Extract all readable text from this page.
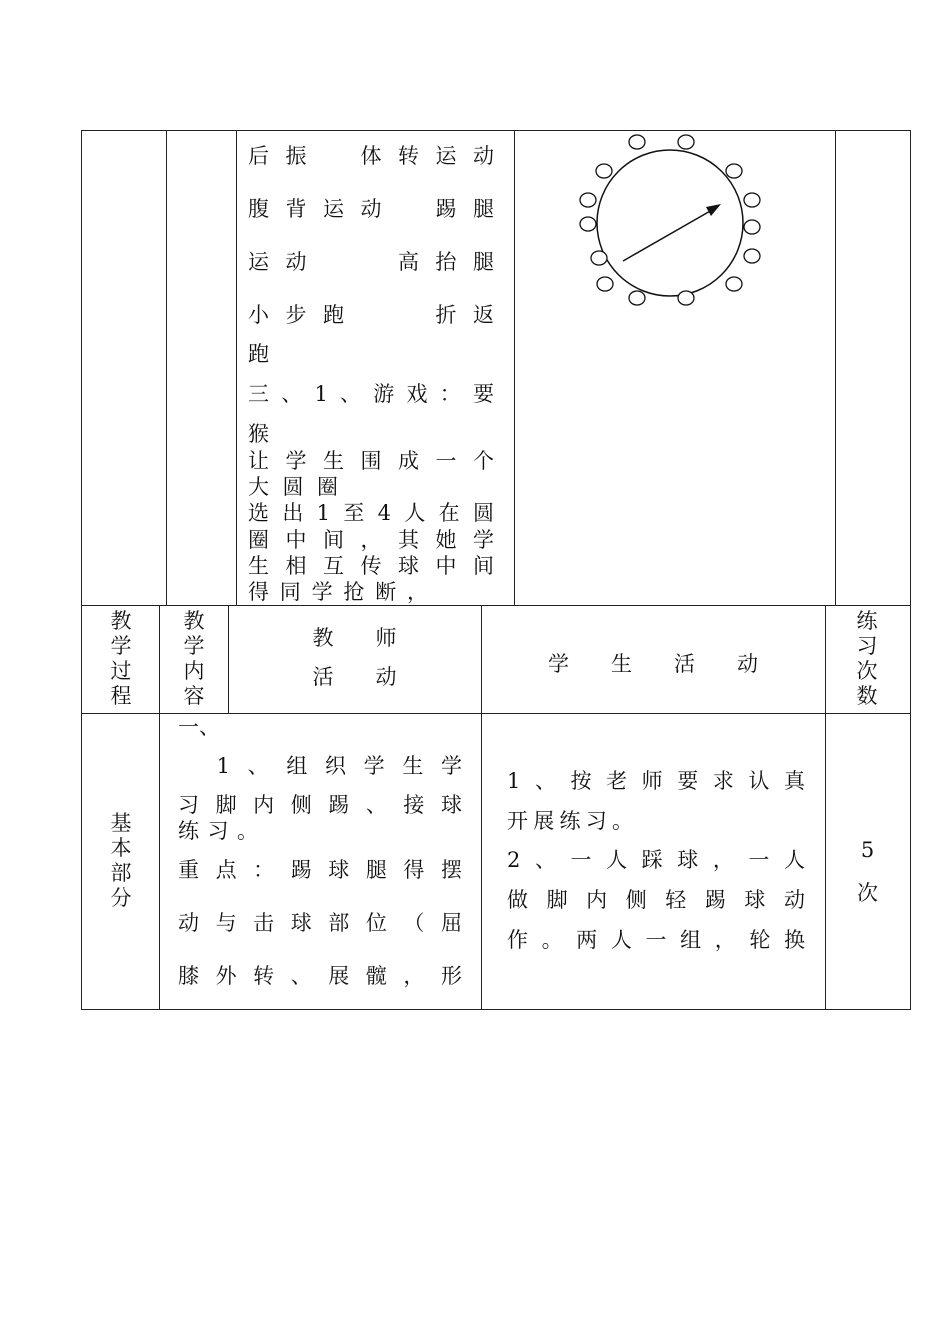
后振　体转运动
腹背运动　踢腿
运动　　高抬腿
小步跑　　折返
跑
三、1、游戏：要
猴
让学生围成一个
大圆圈
选出1至4人在圆
圈中间，其她学
生相互传球中间
得同学抢断，
教学过程
教学内容
教　　师
活　　动
学　　生　　活　　动
练习次数
基本部分
一、
　1、组织学生学
习脚内侧踢、接球
练习。
重点：踢球腿得摆
动与击球部位（屈
膝外转、展髋，形
1、按老师要求认真
开展练习。
2、一人踩球，一人
做脚内侧轻踢球动
作。两人一组，轮换
5
次
